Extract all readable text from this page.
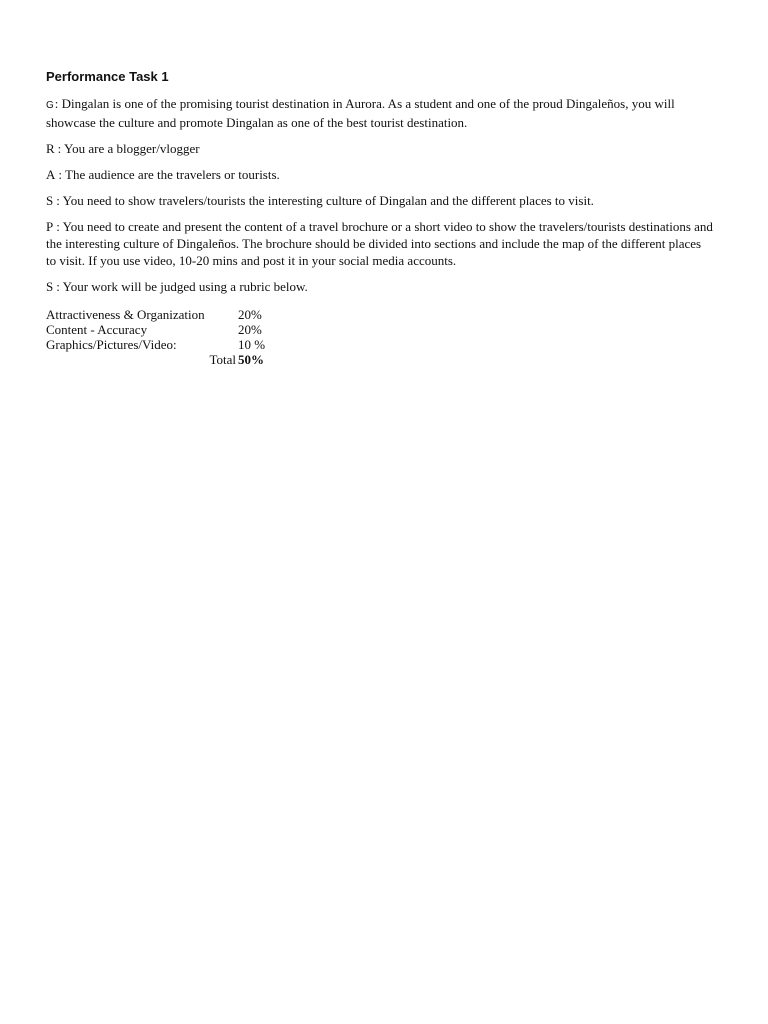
Performance Task 1

G: Dingalan is one of the promising tourist destination in Aurora. As a student and one of the proud Dingaleños, you will showcase the culture and promote Dingalan as one of the best tourist destination.

R : You are a blogger/vlogger

A : The audience are the travelers or tourists.

S : You need to show travelers/tourists the interesting culture of Dingalan and the different places to visit.

P : You need to create and present the content of a travel brochure or a short video to show the travelers/tourists destinations and the interesting culture of Dingaleños. The brochure should be divided into sections and include the map of the different places to visit. If you use video, 10-20 mins and post it in your social media accounts.

S : Your work will be judged using a rubric below.

Attractiveness & Organization	20%
Content - Accuracy	20%
Graphics/Pictures/Video:	10 %
Total 50%
